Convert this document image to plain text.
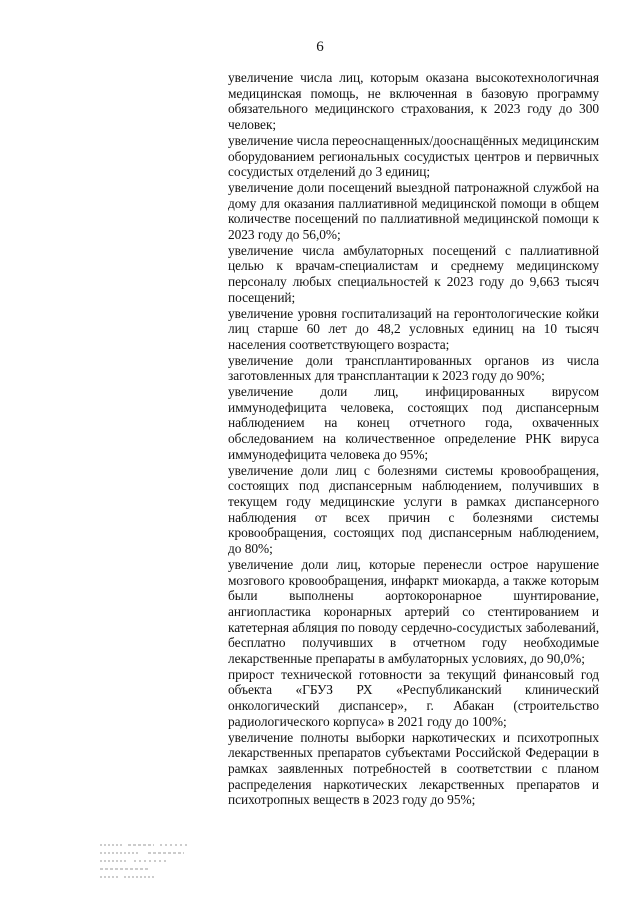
6

увеличение числа лиц, которым оказана высокотехнологичная медицинская помощь, не включенная в базовую программу обязательного медицинского страхования, к 2023 году до 300 человек;

увеличение числа переоснащенных/дооснащённых медицинским оборудованием региональных сосудистых центров и первичных сосудистых отделений до 3 единиц;

увеличение доли посещений выездной патронажной службой на дому для оказания паллиативной медицинской помощи в общем количестве посещений по паллиативной медицинской помощи к 2023 году до 56,0%;

увеличение числа амбулаторных посещений с паллиативной целью к врачам-специалистам и среднему медицинскому персоналу любых специальностей к 2023 году до 9,663 тысяч посещений;

увеличение уровня госпитализаций на геронтологические койки лиц старше 60 лет до 48,2 условных единиц на 10 тысяч населения соответствующего возраста;

увеличение доли трансплантированных органов из числа заготовленных для трансплантации к 2023 году до 90%;

увеличение доли лиц, инфицированных вирусом иммунодефицита человека, состоящих под диспансерным наблюдением на конец отчетного года, охваченных обследованием на количественное определение РНК вируса иммунодефицита человека до 95%;

увеличение доли лиц с болезнями системы кровообращения, состоящих под диспансерным наблюдением, получивших в текущем году медицинские услуги в рамках диспансерного наблюдения от всех причин с болезнями системы кровообращения, состоящих под диспансерным наблюдением, до 80%;

увеличение доли лиц, которые перенесли острое нарушение мозгового кровообращения, инфаркт миокарда, а также которым были выполнены аортокоронарное шунтирование, ангиопластика коронарных артерий со стентированием и катетерная абляция по поводу сердечно-сосудистых заболеваний, бесплатно получивших в отчетном году необходимые лекарственные препараты в амбулаторных условиях, до 90,0%;

прирост технической готовности за текущий финансовый год объекта «ГБУЗ РХ «Республиканский клинический онкологический диспансер», г. Абакан (строительство радиологического корпуса» в 2021 году до 100%;

увеличение полноты выборки наркотических и психотропных лекарственных препаратов субъектами Российской Федерации в рамках заявленных потребностей в соответствии с планом распределения наркотических лекарственных препаратов и психотропных веществ в 2023 году до 95%;
